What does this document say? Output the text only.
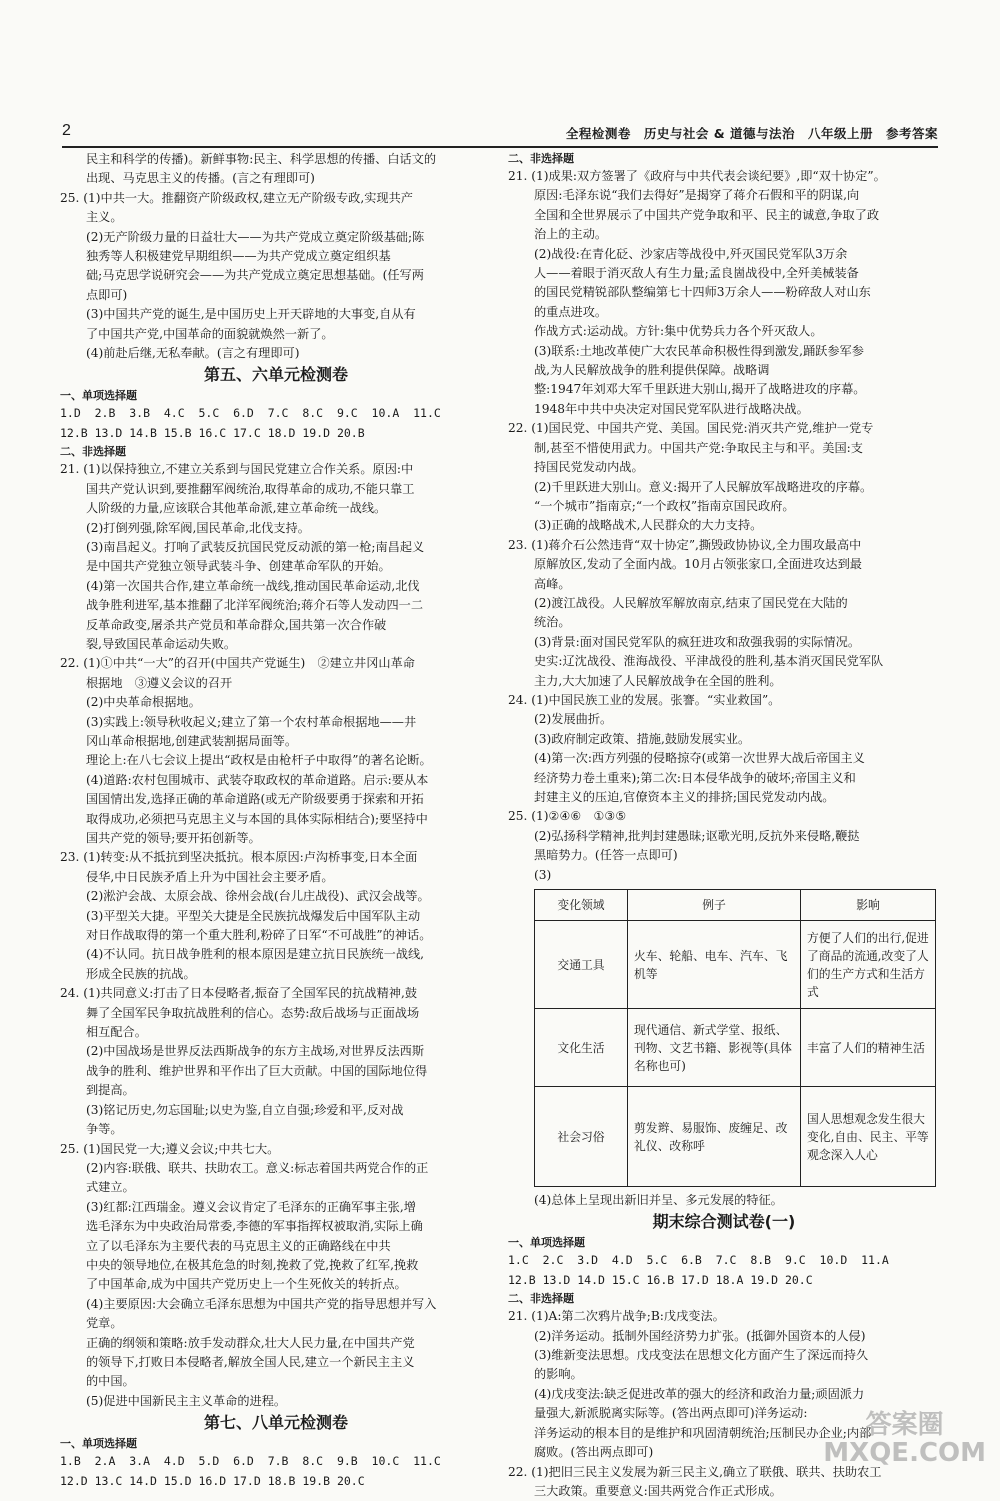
2	全程检测卷　历史与社会 & 道德与法治　八年级上册　参考答案
民主和科学的传播)。新鲜事物:民主、科学思想的传播、白话文的
出现、马克思主义的传播。(言之有理即可)
25. (1)中共一大。推翻资产阶级政权,建立无产阶级专政,实现共产
主义。
(2)无产阶级力量的日益壮大——为共产党成立奠定阶级基础;陈
独秀等人积极建党早期组织——为共产党成立奠定组织基
础;马克思学说研究会——为共产党成立奠定思想基础。(任写两
点即可)
(3)中国共产党的诞生,是中国历史上开天辟地的大事变,自从有
了中国共产党,中国革命的面貌就焕然一新了。
(4)前赴后继,无私奉献。(言之有理即可)
第五、六单元检测卷
一、单项选择题
1.D  2.B  3.B  4.C  5.C  6.D  7.C  8.C  9.C  10.A  11.C
12.B 13.D 14.B 15.B 16.C 17.C 18.D 19.D 20.B
二、非选择题
21. (1)以保持独立,不建立关系到与国民党建立合作关系。原因:中
国共产党认识到,要推翻军阀统治,取得革命的成功,不能只靠工
人阶级的力量,应该联合其他革命派,建立革命统一战线。
(2)打倒列强,除军阀,国民革命,北伐支持。
(3)南昌起义。打响了武装反抗国民党反动派的第一枪;南昌起义
是中国共产党独立领导武装斗争、创建革命军队的开始。
(4)第一次国共合作,建立革命统一战线,推动国民革命运动,北伐
战争胜利进军,基本推翻了北洋军阀统治;蒋介石等人发动四一二
反革命政变,屠杀共产党员和革命群众,国共第一次合作破
裂,导致国民革命运动失败。
22. (1)①中共“一大”的召开(中国共产党诞生)　②建立井冈山革命
根据地　③遵义会议的召开
(2)中央革命根据地。
(3)实践上:领导秋收起义;建立了第一个农村革命根据地——井
冈山革命根据地,创建武装割据局面等。
理论上:在八七会议上提出“政权是由枪杆子中取得”的著名论断。
(4)道路:农村包围城市、武装夺取政权的革命道路。启示:要从本
国国情出发,选择正确的革命道路(或无产阶级要勇于探索和开拓
取得成功,必须把马克思主义与本国的具体实际相结合);要坚持中
国共产党的领导;要开拓创新等。
23. (1)转变:从不抵抗到坚决抵抗。根本原因:卢沟桥事变,日本全面
侵华,中日民族矛盾上升为中国社会主要矛盾。
(2)淞沪会战、太原会战、徐州会战(台儿庄战役)、武汉会战等。
(3)平型关大捷。平型关大捷是全民族抗战爆发后中国军队主动
对日作战取得的第一个重大胜利,粉碎了日军“不可战胜”的神话。
(4)不认同。抗日战争胜利的根本原因是建立抗日民族统一战线,
形成全民族的抗战。
24. (1)共同意义:打击了日本侵略者,振奋了全国军民的抗战精神,鼓
舞了全国军民争取抗战胜利的信心。态势:敌后战场与正面战场
相互配合。
(2)中国战场是世界反法西斯战争的东方主战场,对世界反法西斯
战争的胜利、维护世界和平作出了巨大贡献。中国的国际地位得
到提高。
(3)铭记历史,勿忘国耻;以史为鉴,自立自强;珍爱和平,反对战
争等。
25. (1)国民党一大;遵义会议;中共七大。
(2)内容:联俄、联共、扶助农工。意义:标志着国共两党合作的正
式建立。
(3)红都:江西瑞金。遵义会议肯定了毛泽东的正确军事主张,增
选毛泽东为中央政治局常委,李德的军事指挥权被取消,实际上确
立了以毛泽东为主要代表的马克思主义的正确路线在中共
中央的领导地位,在极其危急的时刻,挽救了党,挽救了红军,挽救
了中国革命,成为中国共产党历史上一个生死攸关的转折点。
(4)主要原因:大会确立毛泽东思想为中国共产党的指导思想并写入
党章。
正确的纲领和策略:放手发动群众,壮大人民力量,在中国共产党
的领导下,打败日本侵略者,解放全国人民,建立一个新民主主义
的中国。
(5)促进中国新民主主义革命的进程。
第七、八单元检测卷
一、单项选择题
1.B  2.A  3.A  4.D  5.D  6.D  7.B  8.C  9.B  10.C  11.C
12.D 13.C 14.D 15.D 16.D 17.D 18.B 19.B 20.C
二、非选择题
21. (1)成果:双方签署了《政府与中共代表会谈纪要》,即“双十协定”。
原因:毛泽东说“我们去得好”是揭穿了蒋介石假和平的阴谋,向
全国和全世界展示了中国共产党争取和平、民主的诚意,争取了政
治上的主动。
(2)战役:在青化砭、沙家店等战役中,歼灭国民党军队3万余
人——着眼于消灭敌人有生力量;孟良崮战役中,全歼美械装备
的国民党精锐部队整编第七十四师3万余人——粉碎敌人对山东
的重点进攻。
作战方式:运动战。方针:集中优势兵力各个歼灭敌人。
(3)联系:土地改革使广大农民革命积极性得到激发,踊跃参军参
战,为人民解放战争的胜利提供保障。战略调
整:1947年刘邓大军千里跃进大别山,揭开了战略进攻的序幕。
1948年中共中央决定对国民党军队进行战略决战。
22. (1)国民党、中国共产党、美国。国民党:消灭共产党,维护一党专
制,甚至不惜使用武力。中国共产党:争取民主与和平。美国:支
持国民党发动内战。
(2)千里跃进大别山。意义:揭开了人民解放军战略进攻的序幕。
“一个城市”指南京;“一个政权”指南京国民政府。
(3)正确的战略战术,人民群众的大力支持。
23. (1)蒋介石公然违背“双十协定”,撕毁政协协议,全力围攻最高中
原解放区,发动了全面内战。10月占领张家口,全面进攻达到最
高峰。
(2)渡江战役。人民解放军解放南京,结束了国民党在大陆的
统治。
(3)背景:面对国民党军队的疯狂进攻和敌强我弱的实际情况。
史实:辽沈战役、淮海战役、平津战役的胜利,基本消灭国民党军队
主力,大大加速了人民解放战争在全国的胜利。
24. (1)中国民族工业的发展。张謇。“实业救国”。
(2)发展曲折。
(3)政府制定政策、措施,鼓励发展实业。
(4)第一次:西方列强的侵略掠夺(或第一次世界大战后帝国主义
经济势力卷土重来);第二次:日本侵华战争的破坏;帝国主义和
封建主义的压迫,官僚资本主义的排挤;国民党发动内战。
25. (1)②④⑥　①③⑤
(2)弘扬科学精神,批判封建愚昧;讴歌光明,反抗外来侵略,鞭挞
黑暗势力。(任答一点即可)
(3)
变化领域	例子	影响
交通工具	火车、轮船、电车、汽车、飞机等	方便了人们的出行,促进了商品的流通,改变了人们的生产方式和生活方式
文化生活	现代通信、新式学堂、报纸、刊物、文艺书籍、影视等(具体名称也可)	丰富了人们的精神生活
社会习俗	剪发辫、易服饰、废缠足、改礼仪、改称呼	国人思想观念发生很大变化,自由、民主、平等观念深入人心
(4)总体上呈现出新旧并呈、多元发展的特征。
期末综合测试卷(一)
一、单项选择题
1.C  2.C  3.D  4.D  5.C  6.B  7.C  8.B  9.C  10.D  11.A
12.B 13.D 14.D 15.C 16.B 17.D 18.A 19.D 20.C
二、非选择题
21. (1)A:第二次鸦片战争;B:戊戌变法。
(2)洋务运动。抵制外国经济势力扩张。(抵御外国资本的人侵)
(3)维新变法思想。戊戌变法在思想文化方面产生了深远而持久
的影响。
(4)戊戌变法:缺乏促进改革的强大的经济和政治力量;顽固派力
量强大,新派脱离实际等。(答出两点即可)洋务运动:
洋务运动的根本目的是维护和巩固清朝统治;压制民办企业;内部
腐败。(答出两点即可)
22. (1)把旧三民主义发展为新三民主义,确立了联俄、联共、扶助农工
三大政策。重要意义:国共两党合作正式形成。
答案圈
MXQE.COM
